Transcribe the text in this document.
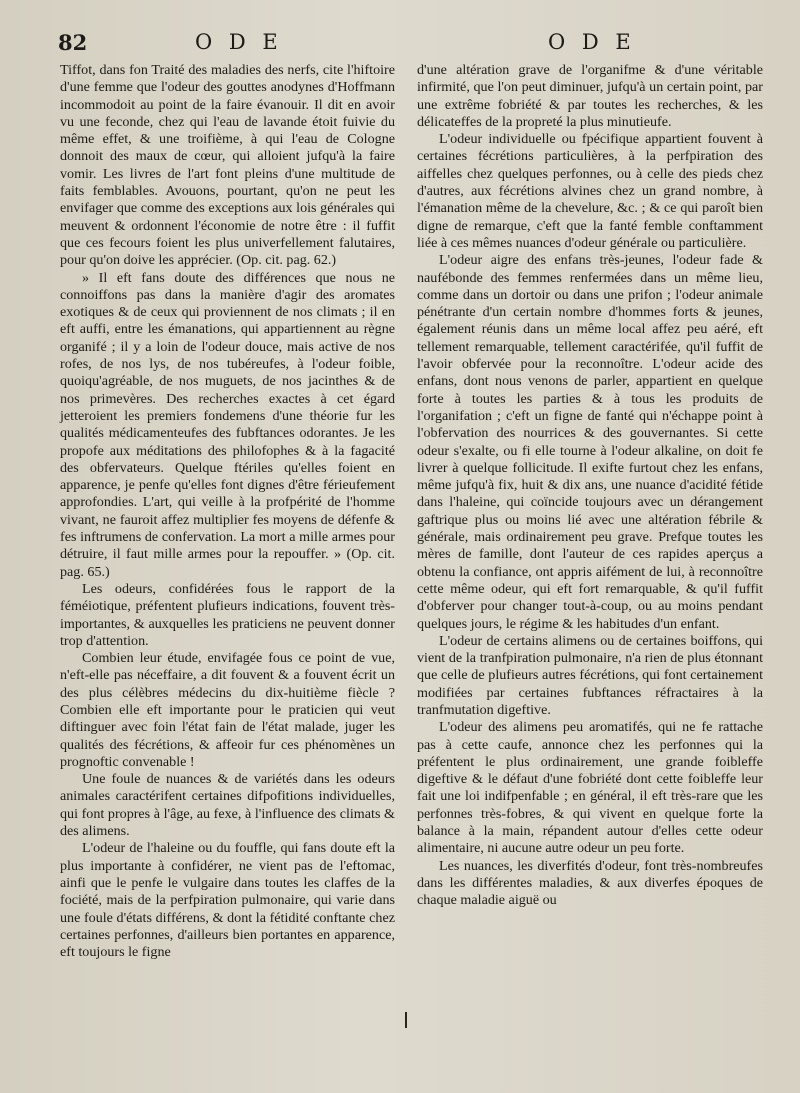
82	O D E	O D E

Tiffot, dans fon Traité des maladies des nerfs, cite l'hiftoire d'une femme que l'odeur des gouttes anodynes d'Hoffmann incommodoit au point de la faire évanouir. Il dit en avoir vu une feconde, chez qui l'eau de lavande étoit fuivie du même effet, & une troifième, à qui l'eau de Cologne donnoit des maux de cœur, qui alloient jufqu'à la faire vomir. Les livres de l'art font pleins d'une multitude de faits femblables. Avouons, pourtant, qu'on ne peut les envifager que comme des exceptions aux lois générales qui meuvent & ordonnent l'économie de notre être : il fuffit que ces fecours foient les plus univerfellement falutaires, pour qu'on doive les apprécier. (Op. cit. pag. 62.)

» Il eft fans doute des différences que nous ne connoiffons pas dans la manière d'agir des aromates exotiques & de ceux qui proviennent de nos climats ; il en eft auffi, entre les émanations, qui appartiennent au règne organifé ; il y a loin de l'odeur douce, mais active de nos rofes, de nos lys, de nos tubéreufes, à l'odeur foible, quoiqu'agréable, de nos muguets, de nos jacinthes & de nos primevères. Des recherches exactes à cet égard jetteroient les premiers fondemens d'une théorie fur les qualités médicamenteufes des fubftances odorantes. Je les propofe aux méditations des philofophes & à la fagacité des obfervateurs. Quelque ftériles qu'elles foient en apparence, je penfe qu'elles font dignes d'être férieufement approfondies. L'art, qui veille à la profpérité de l'homme vivant, ne fauroit affez multiplier fes moyens de défenfe & fes inftrumens de confervation. La mort a mille armes pour détruire, il faut mille armes pour la repouffer. » (Op. cit. pag. 65.)

Les odeurs, confidérées fous le rapport de la féméiotique, préfentent plufieurs indications, fouvent très-importantes, & auxquelles les praticiens ne peuvent donner trop d'attention.

Combien leur étude, envifagée fous ce point de vue, n'eft-elle pas néceffaire, a dit fouvent & a fouvent écrit un des plus célèbres médecins du dix-huitième fiècle ? Combien elle eft importante pour le praticien qui veut diftinguer avec foin l'état fain de l'état malade, juger les qualités des fécrétions, & affeoir fur ces phénomènes un prognoftic convenable !

Une foule de nuances & de variétés dans les odeurs animales caractérifent certaines difpofitions individuelles, qui font propres à l'âge, au fexe, à l'influence des climats & des alimens.

L'odeur de l'haleine ou du fouffle, qui fans doute eft la plus importante à confidérer, ne vient pas de l'eftomac, ainfi que le penfe le vulgaire dans toutes les claffes de la fociété, mais de la perfpiration pulmonaire, qui varie dans une foule d'états différens, & dont la fétidité conftante chez certaines perfonnes, d'ailleurs bien portantes en apparence, eft toujours le figne

d'une altération grave de l'organifme & d'une véritable infirmité, que l'on peut diminuer, jufqu'à un certain point, par une extrême fobriété & par toutes les recherches, & les délicateffes de la propreté la plus minutieufe.

L'odeur individuelle ou fpécifique appartient fouvent à certaines fécrétions particulières, à la perfpiration des aiffelles chez quelques perfonnes, ou à celle des pieds chez d'autres, aux fécrétions alvines chez un grand nombre, à l'émanation même de la chevelure, &c. ; & ce qui paroît bien digne de remarque, c'eft que la fanté femble conftamment liée à ces mêmes nuances d'odeur générale ou particulière.

L'odeur aigre des enfans très-jeunes, l'odeur fade & naufébonde des femmes renfermées dans un même lieu, comme dans un dortoir ou dans une prifon ; l'odeur animale pénétrante d'un certain nombre d'hommes forts & jeunes, également réunis dans un même local affez peu aéré, eft tellement remarquable, tellement caractérifée, qu'il fuffit de l'avoir obfervée pour la reconnoître. L'odeur acide des enfans, dont nous venons de parler, appartient en quelque forte à toutes les parties & à tous les produits de l'organifation ; c'eft un figne de fanté qui n'échappe point à l'obfervation des nourrices & des gouvernantes. Si cette odeur s'exalte, ou fi elle tourne à l'odeur alkaline, on doit fe livrer à quelque follicitude. Il exifte furtout chez les enfans, même jufqu'à fix, huit & dix ans, une nuance d'acidité fétide dans l'haleine, qui coïncide toujours avec un dérangement gaftrique plus ou moins lié avec une altération fébrile & générale, mais ordinairement peu grave. Prefque toutes les mères de famille, dont l'auteur de ces rapides aperçus a obtenu la confiance, ont appris aifément de lui, à reconnoître cette même odeur, qui eft fort remarquable, & qu'il fuffit d'obferver pour changer tout-à-coup, ou au moins pendant quelques jours, le régime & les habitudes d'un enfant.

L'odeur de certains alimens ou de certaines boiffons, qui vient de la tranfpiration pulmonaire, n'a rien de plus étonnant que celle de plufieurs autres fécrétions, qui font certainement modifiées par certaines fubftances réfractaires à la tranfmutation digeftive.

L'odeur des alimens peu aromatifés, qui ne fe rattache pas à cette caufe, annonce chez les perfonnes qui la préfentent le plus ordinairement, une grande foibleffe digeftive & le défaut d'une fobriété dont cette foibleffe leur fait une loi indifpenfable ; en général, il eft très-rare que les perfonnes très-fobres, & qui vivent en quelque forte la balance à la main, répandent autour d'elles cette odeur alimentaire, ni aucune autre odeur un peu forte.

Les nuances, les diverfités d'odeur, font très-nombreufes dans les différentes maladies, & aux diverfes époques de chaque maladie aiguë ou
